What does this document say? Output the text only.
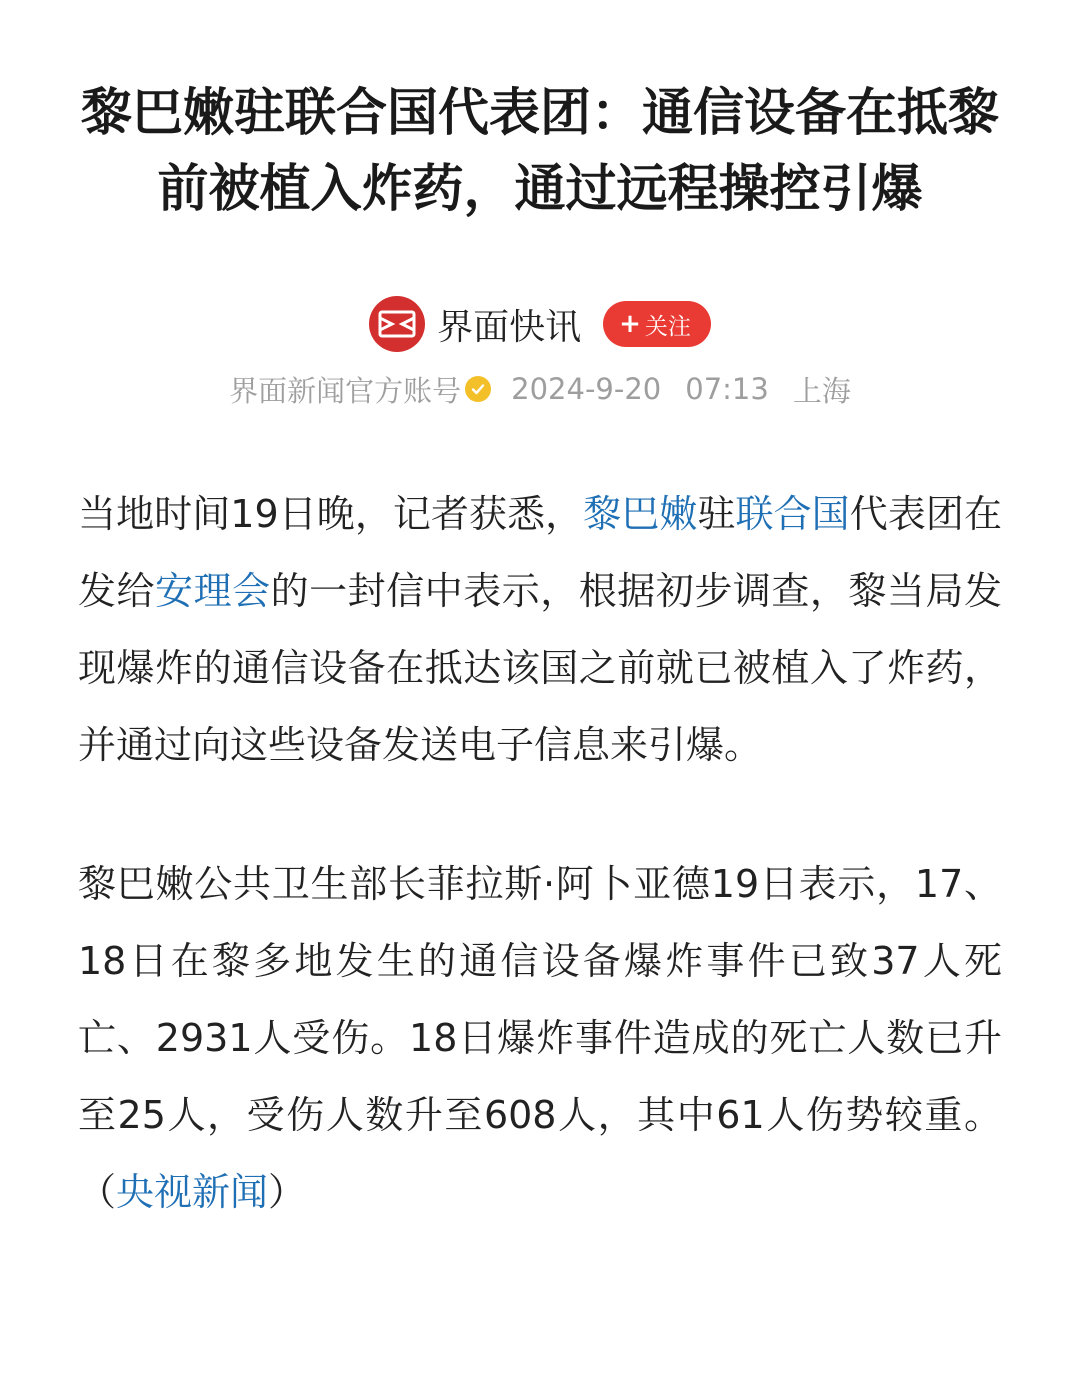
黎巴嫩驻联合国代表团：通信设备在抵黎前被植入炸药，通过远程操控引爆
界面快讯 + 关注
界面新闻官方账号 2024-9-20 07:13 上海

当地时间19日晚，记者获悉，黎巴嫩驻联合国代表团在发给安理会的一封信中表示，根据初步调查，黎当局发现爆炸的通信设备在抵达该国之前就已被植入了炸药，并通过向这些设备发送电子信息来引爆。

黎巴嫩公共卫生部长菲拉斯·阿卜亚德19日表示，17、18日在黎多地发生的通信设备爆炸事件已致37人死亡、2931人受伤。18日爆炸事件造成的死亡人数已升至25人，受伤人数升至608人，其中61人伤势较重。（央视新闻）
